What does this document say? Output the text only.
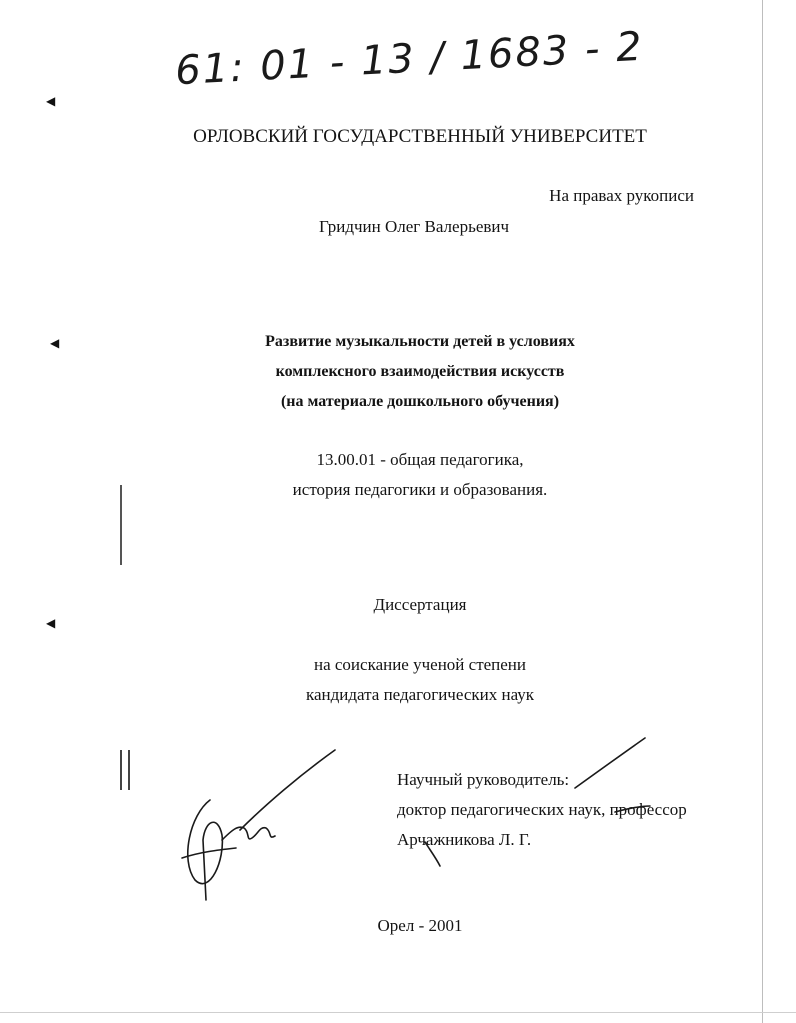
◀
◀
◀
61: 01 - 13 / 1683 - 2
ОРЛОВСКИЙ ГОСУДАРСТВЕННЫЙ УНИВЕРСИТЕТ
На правах рукописи
Гридчин Олег Валерьевич
Развитие музыкальности детей в условиях
комплексного взаимодействия искусств
(на материале дошкольного обучения)
13.00.01 - общая педагогика,
история педагогики и образования.
Диссертация
на соискание ученой степени
кандидата педагогических наук
Научный руководитель:
доктор педагогических наук, профессор
Арчажникова Л. Г.
Орел - 2001
